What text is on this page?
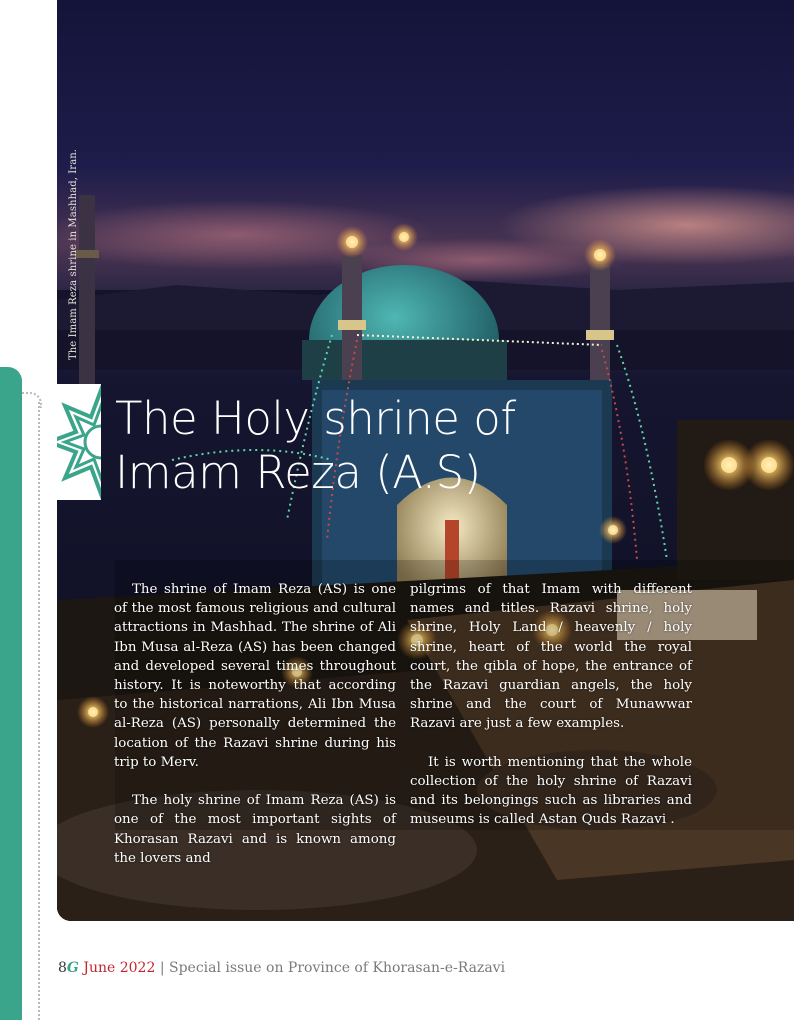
The Imam Reza shrine in Mashhad, Iran.
The Holy shrine of
Imam Reza (A.S)

The shrine of Imam Reza (AS) is one of the most famous religious and cultural attractions in Mashhad. The shrine of Ali Ibn Musa al-Reza (AS) has been changed and developed several times throughout history. It is noteworthy that according to the historical narrations, Ali Ibn Musa al-Reza (AS) personally determined the location of the Razavi shrine during his trip to Merv.

The holy shrine of Imam Reza (AS) is one of the most important sights of Khorasan Razavi and is known among the lovers and

pilgrims of that Imam with different names and titles. Razavi shrine, holy shrine, Holy Land / heavenly / holy shrine, heart of the world the royal court, the qibla of hope, the entrance of the Razavi guardian angels, the holy shrine and the court of Munawwar Razavi are just a few examples.

It is worth mentioning that the whole collection of the holy shrine of Razavi and its belongings such as libraries and museums is called Astan Quds Razavi .

8G June 2022 | Special issue on Province of Khorasan-e-Razavi
